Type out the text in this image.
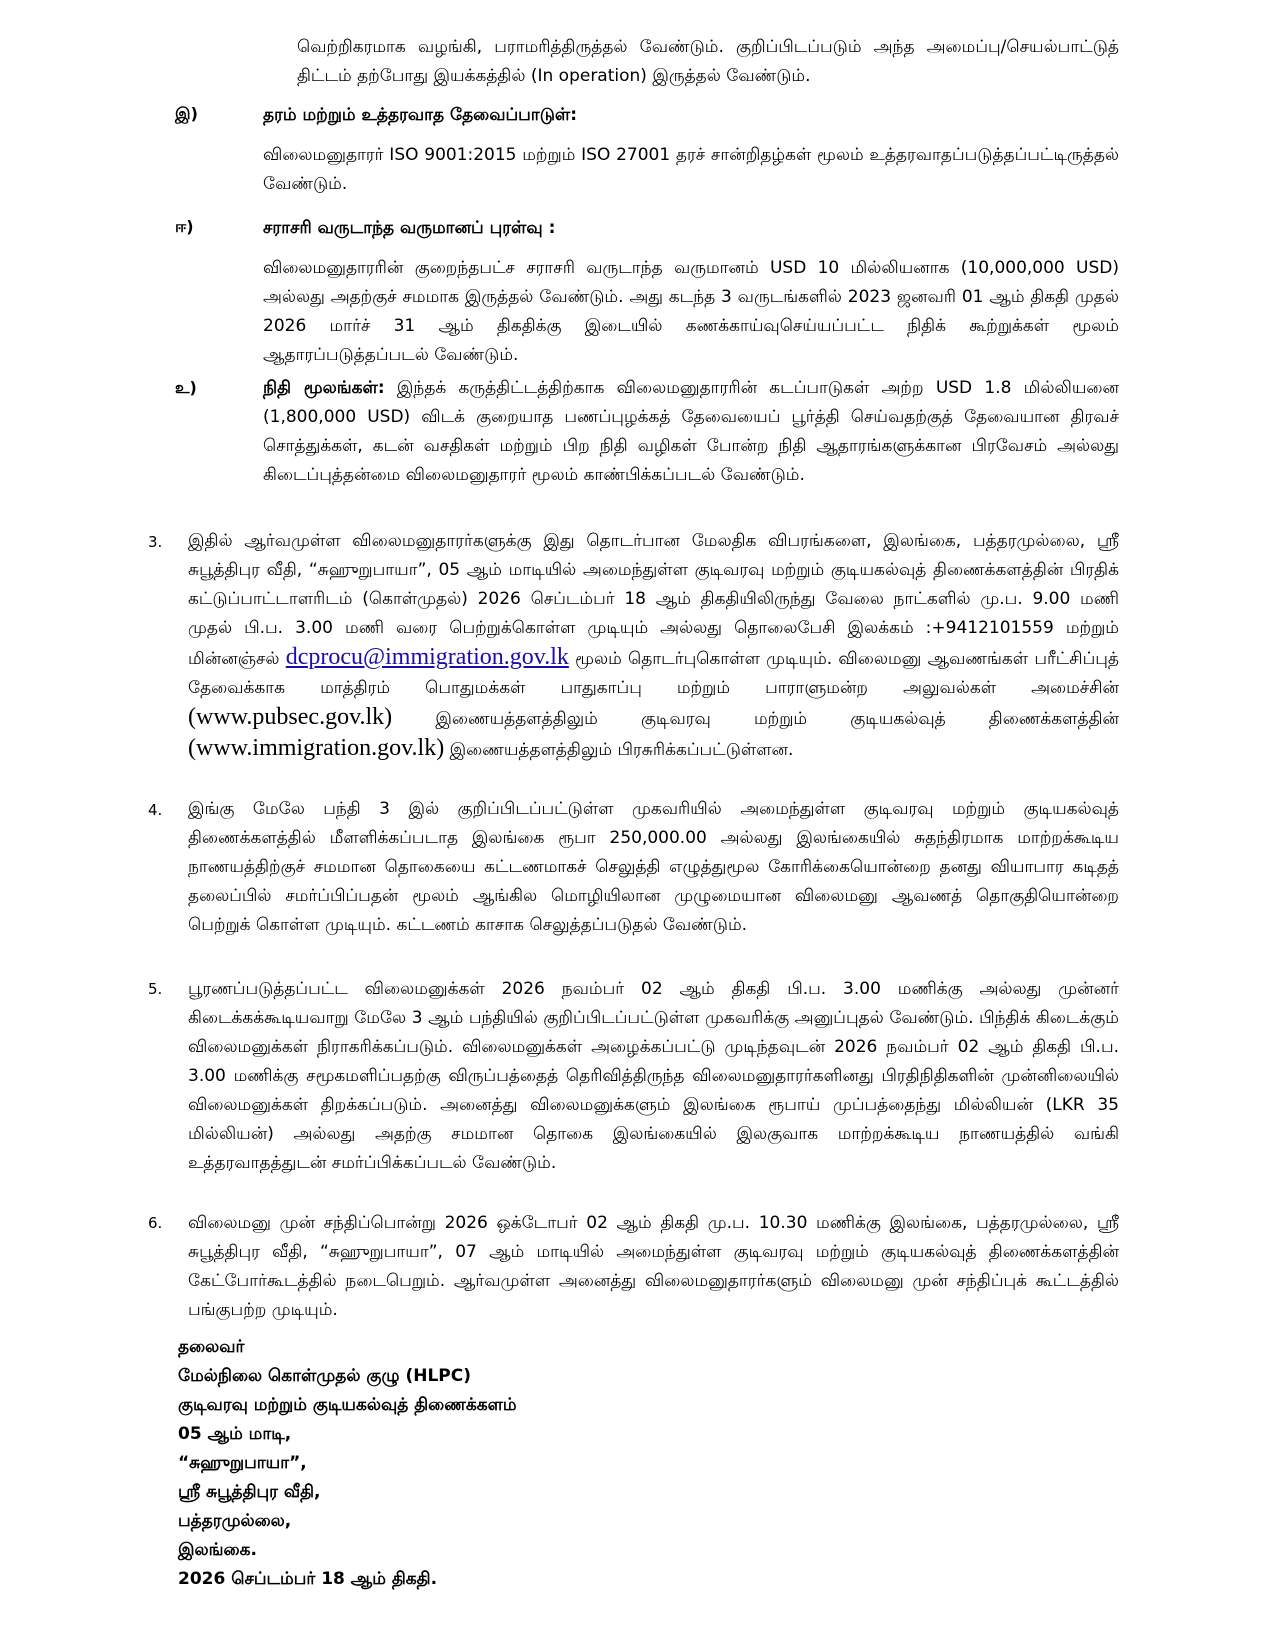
வெற்றிகரமாக வழங்கி, பராமரித்திருத்தல் வேண்டும். குறிப்பிடப்படும் அந்த அமைப்பு/செயல்பாட்டுத் திட்டம் தற்போது இயக்கத்தில் (In operation) இருத்தல் வேண்டும்.

இ)	தரம் மற்றும் உத்தரவாத தேவைப்பாடுள்:

விலைமனுதாரர் ISO 9001:2015 மற்றும் ISO 27001 தரச் சான்றிதழ்கள் மூலம் உத்தரவாதப்படுத்தப்பட்டிருத்தல் வேண்டும்.

ஈ)	சராசரி வருடாந்த வருமானப் புரள்வு :

விலைமனுதாரரின் குறைந்தபட்ச சராசரி வருடாந்த வருமானம் USD 10 மில்லியனாக (10,000,000 USD) அல்லது அதற்குச் சமமாக இருத்தல் வேண்டும். அது கடந்த 3 வருடங்களில் 2023 ஜனவரி 01 ஆம் திகதி முதல் 2026 மார்ச் 31 ஆம் திகதிக்கு இடையில் கணக்காய்வுசெய்யப்பட்ட நிதிக் கூற்றுக்கள் மூலம் ஆதாரப்படுத்தப்படல் வேண்டும்.

உ)	நிதி மூலங்கள்: இந்தக் கருத்திட்டத்திற்காக விலைமனுதாரரின் கடப்பாடுகள் அற்ற USD 1.8 மில்லியனை (1,800,000 USD) விடக் குறையாத பணப்புழக்கத் தேவையைப் பூர்த்தி செய்வதற்குத் தேவையான திரவச் சொத்துக்கள், கடன் வசதிகள் மற்றும் பிற நிதி வழிகள் போன்ற நிதி ஆதாரங்களுக்கான பிரவேசம் அல்லது கிடைப்புத்தன்மை விலைமனுதாரர் மூலம் காண்பிக்கப்படல் வேண்டும்.

3. இதில் ஆர்வமுள்ள விலைமனுதாரர்களுக்கு இது தொடர்பான மேலதிக விபரங்களை, இலங்கை, பத்தரமுல்லை, ஸ்ரீ சுபூத்திபுர வீதி, “சுஹுறுபாயா”, 05 ஆம் மாடியில் அமைந்துள்ள குடிவரவு மற்றும் குடியகல்வுத் திணைக்களத்தின் பிரதிக் கட்டுப்பாட்டாளரிடம் (கொள்முதல்) 2026 செப்டம்பர் 18 ஆம் திகதியிலிருந்து வேலை நாட்களில் மு.ப. 9.00 மணி முதல் பி.ப. 3.00 மணி வரை பெற்றுக்கொள்ள முடியும் அல்லது தொலைபேசி இலக்கம் :+9412101559 மற்றும் மின்னஞ்சல் dcprocu@immigration.gov.lk மூலம் தொடர்புகொள்ள முடியும். விலைமனு ஆவணங்கள் பரீட்சிப்புத் தேவைக்காக மாத்திரம் பொதுமக்கள் பாதுகாப்பு மற்றும் பாராளுமன்ற அலுவல்கள் அமைச்சின் (www.pubsec.gov.lk)	இணையத்தளத்திலும் குடிவரவு மற்றும் குடியகல்வுத் திணைக்களத்தின் (www.immigration.gov.lk) இணையத்தளத்திலும் பிரசுரிக்கப்பட்டுள்ளன.

4. இங்கு மேலே பந்தி 3 இல் குறிப்பிடப்பட்டுள்ள முகவரியில் அமைந்துள்ள குடிவரவு மற்றும் குடியகல்வுத் திணைக்களத்தில் மீளளிக்கப்படாத இலங்கை ரூபா 250,000.00 அல்லது இலங்கையில் சுதந்திரமாக மாற்றக்கூடிய நாணயத்திற்குச் சமமான தொகையை கட்டணமாகச் செலுத்தி எழுத்துமூல கோரிக்கையொன்றை தனது வியாபார கடிதத் தலைப்பில் சமர்ப்பிப்பதன் மூலம் ஆங்கில மொழியிலான முழுமையான விலைமனு ஆவணத் தொகுதியொன்றை பெற்றுக் கொள்ள முடியும். கட்டணம் காசாக செலுத்தப்படுதல் வேண்டும்.

5. பூரணப்படுத்தப்பட்ட விலைமனுக்கள் 2026 நவம்பர் 02 ஆம் திகதி பி.ப. 3.00 மணிக்கு அல்லது முன்னர் கிடைக்கக்கூடியவாறு மேலே 3 ஆம் பந்தியில் குறிப்பிடப்பட்டுள்ள முகவரிக்கு அனுப்புதல் வேண்டும். பிந்திக் கிடைக்கும் விலைமனுக்கள் நிராகரிக்கப்படும். விலைமனுக்கள் அழைக்கப்பட்டு முடிந்தவுடன் 2026 நவம்பர் 02 ஆம் திகதி பி.ப. 3.00 மணிக்கு சமூகமளிப்பதற்கு விருப்பத்தைத் தெரிவித்திருந்த விலைமனுதாரர்களினது பிரதிநிதிகளின் முன்னிலையில் விலைமனுக்கள் திறக்கப்படும். அனைத்து விலைமனுக்களும் இலங்கை ரூபாய் முப்பத்தைந்து மில்லியன் (LKR 35 மில்லியன்) அல்லது அதற்கு சமமான தொகை இலங்கையில் இலகுவாக மாற்றக்கூடிய நாணயத்தில் வங்கி உத்தரவாதத்துடன் சமர்ப்பிக்கப்படல் வேண்டும்.

6. விலைமனு முன் சந்திப்பொன்று 2026 ஒக்டோபர் 02 ஆம் திகதி மு.ப. 10.30 மணிக்கு இலங்கை, பத்தரமுல்லை, ஸ்ரீ சுபூத்திபுர வீதி, “சுஹுறுபாயா”, 07 ஆம் மாடியில் அமைந்துள்ள குடிவரவு மற்றும் குடியகல்வுத் திணைக்களத்தின் கேட்போர்கூடத்தில் நடைபெறும். ஆர்வமுள்ள அனைத்து விலைமனுதாரர்களும் விலைமனு முன் சந்திப்புக் கூட்டத்தில் பங்குபற்ற முடியும்.

தலைவர்

மேல்நிலை கொள்முதல் குழு (HLPC)

குடிவரவு மற்றும் குடியகல்வுத் திணைக்களம்

05 ஆம் மாடி,

“சுஹுறுபாயா”,

ஸ்ரீ சுபூத்திபுர வீதி,

பத்தரமுல்லை,

இலங்கை.

2026 செப்டம்பர் 18 ஆம் திகதி.
